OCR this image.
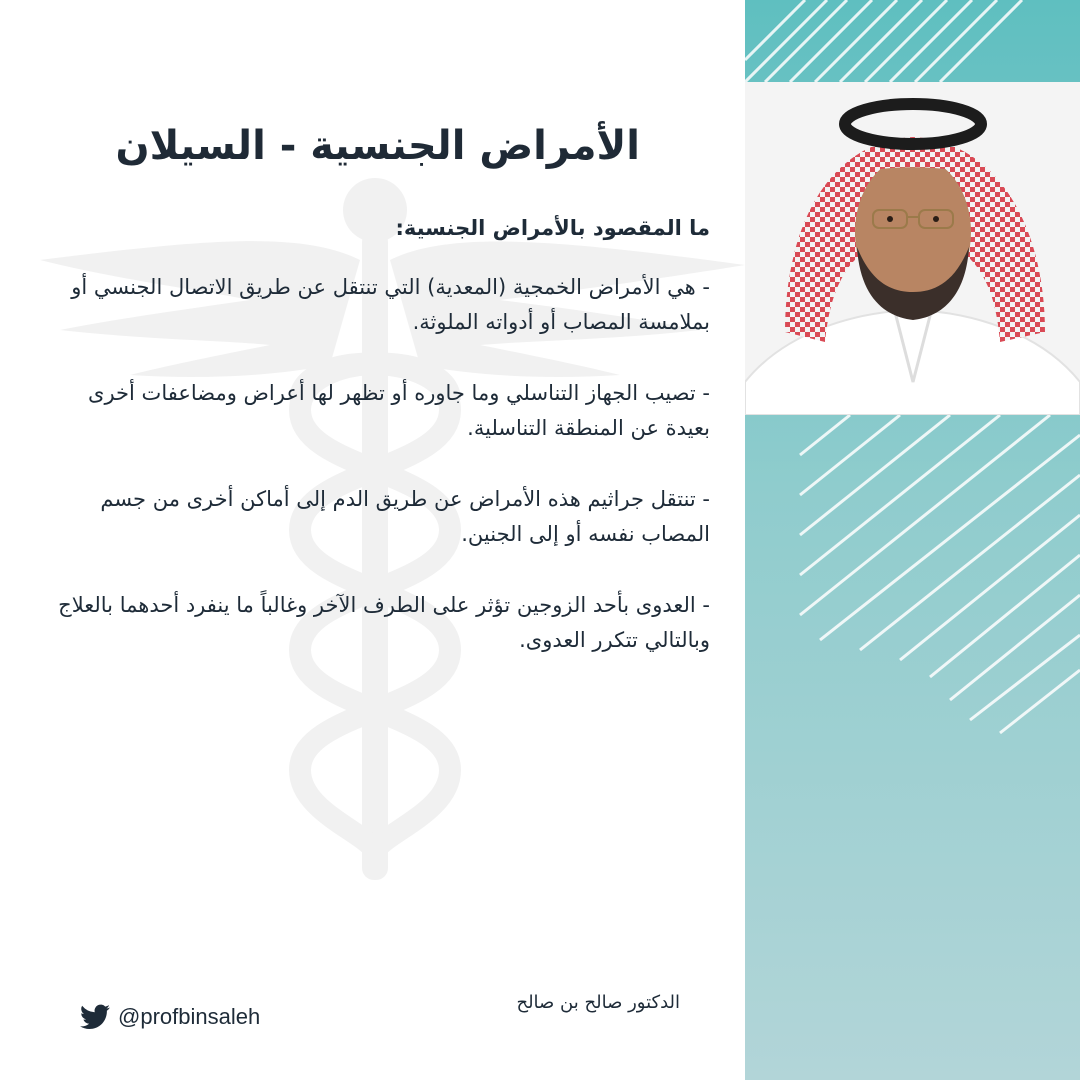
الأمراض الجنسية - السيلان
ما المقصود بالأمراض الجنسية:
- هي الأمراض الخمجية (المعدية) التي تنتقل عن طريق الاتصال الجنسي أو بملامسة المصاب أو أدواته الملوثة.
- تصيب الجهاز التناسلي وما جاوره أو تظهر لها أعراض ومضاعفات أخرى بعيدة عن المنطقة التناسلية.
- تنتقل جراثيم هذه الأمراض عن طريق الدم إلى أماكن أخرى من جسم المصاب نفسه أو إلى الجنين.
- العدوى بأحد الزوجين تؤثر على الطرف الآخر وغالباً ما ينفرد أحدهما بالعلاج وبالتالي تتكرر العدوى.
الدكتور صالح بن صالح
@profbinsaleh
